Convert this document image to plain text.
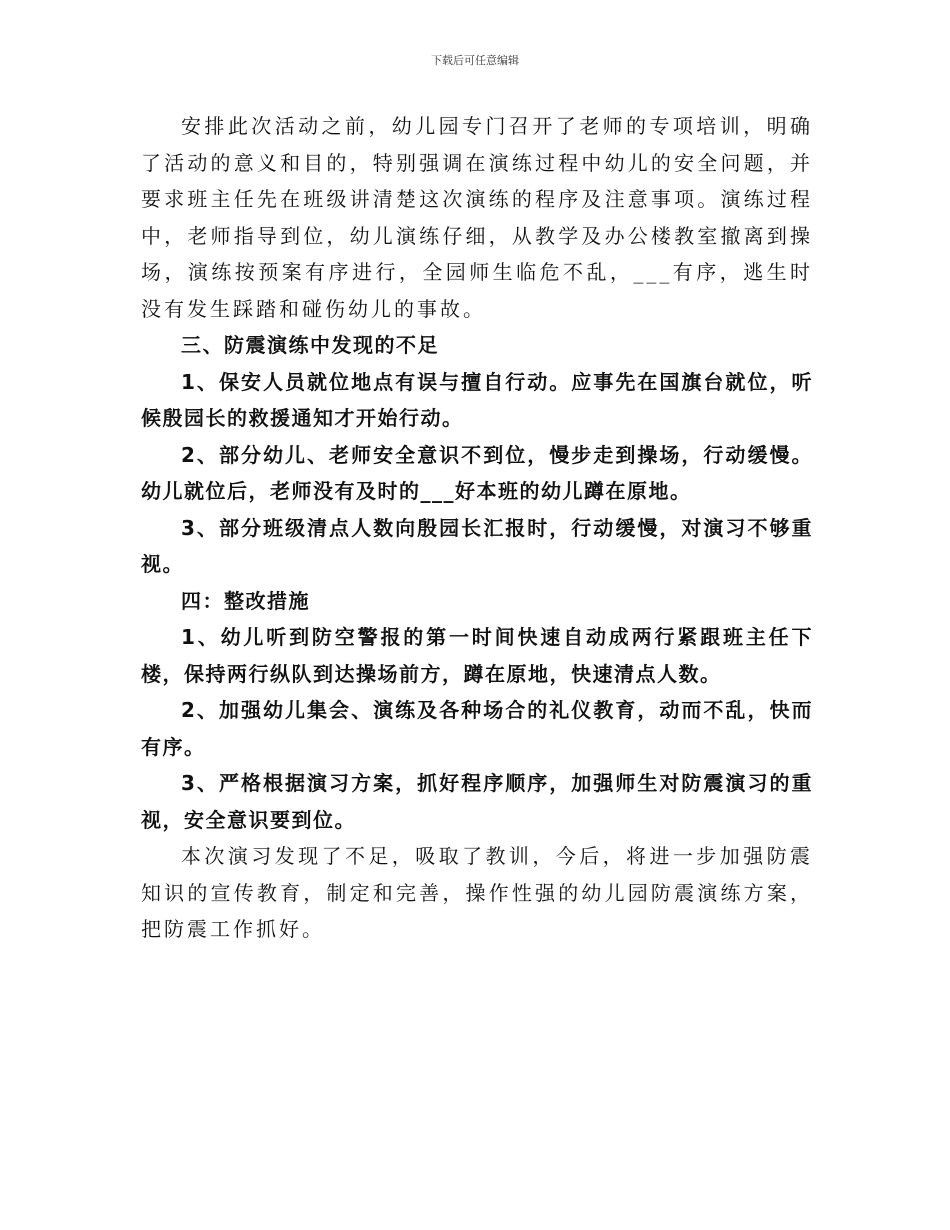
下载后可任意编辑

安排此次活动之前，幼儿园专门召开了老师的专项培训，明确了活动的意义和目的，特别强调在演练过程中幼儿的安全问题，并要求班主任先在班级讲清楚这次演练的程序及注意事项。演练过程中，老师指导到位，幼儿演练仔细，从教学及办公楼教室撤离到操场，演练按预案有序进行，全园师生临危不乱，___有序，逃生时没有发生踩踏和碰伤幼儿的事故。

三、防震演练中发现的不足

1、保安人员就位地点有误与擅自行动。应事先在国旗台就位，听候殷园长的救援通知才开始行动。

2、部分幼儿、老师安全意识不到位，慢步走到操场，行动缓慢。幼儿就位后，老师没有及时的___好本班的幼儿蹲在原地。

3、部分班级清点人数向殷园长汇报时，行动缓慢，对演习不够重视。

四：整改措施

1、幼儿听到防空警报的第一时间快速自动成两行紧跟班主任下楼，保持两行纵队到达操场前方，蹲在原地，快速清点人数。

2、加强幼儿集会、演练及各种场合的礼仪教育，动而不乱，快而有序。

3、严格根据演习方案，抓好程序顺序，加强师生对防震演习的重视，安全意识要到位。

本次演习发现了不足，吸取了教训，今后，将进一步加强防震知识的宣传教育，制定和完善，操作性强的幼儿园防震演练方案，把防震工作抓好。
